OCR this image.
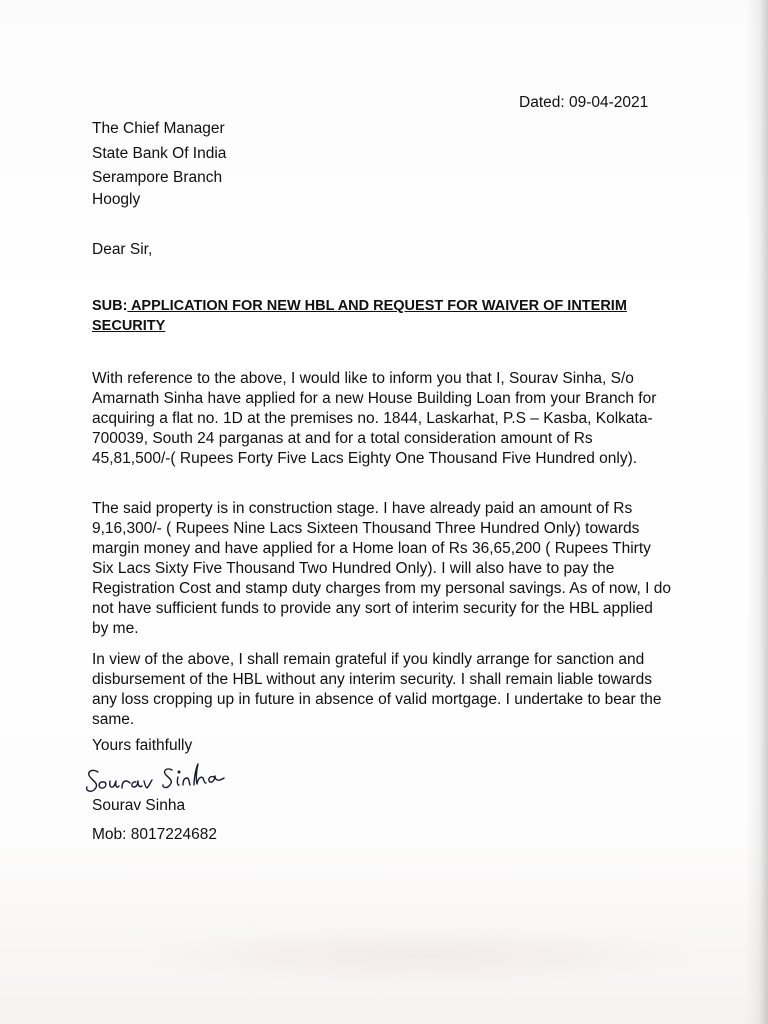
Dated: 09-04-2021
The Chief Manager
State Bank Of India
Serampore Branch
Hoogly
Dear Sir,
SUB: APPLICATION FOR NEW HBL AND REQUEST FOR WAIVER OF INTERIM SECURITY
With reference to the above, I would like to inform you that I, Sourav Sinha, S/o Amarnath Sinha have applied for a new House Building Loan from your Branch for acquiring a flat no. 1D at the premises no. 1844, Laskarhat, P.S – Kasba, Kolkata- 700039, South 24 parganas at and for a total consideration amount of Rs 45,81,500/-( Rupees Forty Five Lacs Eighty One Thousand Five Hundred only).
The said property is in construction stage. I have already paid an amount of Rs 9,16,300/- ( Rupees Nine Lacs Sixteen Thousand Three Hundred Only) towards margin money and have applied for a Home loan of Rs 36,65,200 ( Rupees Thirty Six Lacs Sixty Five Thousand Two Hundred Only). I will also have to pay the Registration Cost and stamp duty charges from my personal savings. As of now, I do not have sufficient funds to provide any sort of interim security for the HBL applied by me.
In view of the above, I shall remain grateful if you kindly arrange for sanction and disbursement of the HBL without any interim security. I shall remain liable towards any loss cropping up in future in absence of valid mortgage. I undertake to bear the same.
Yours faithfully
Sourav Sinha
Mob: 8017224682
